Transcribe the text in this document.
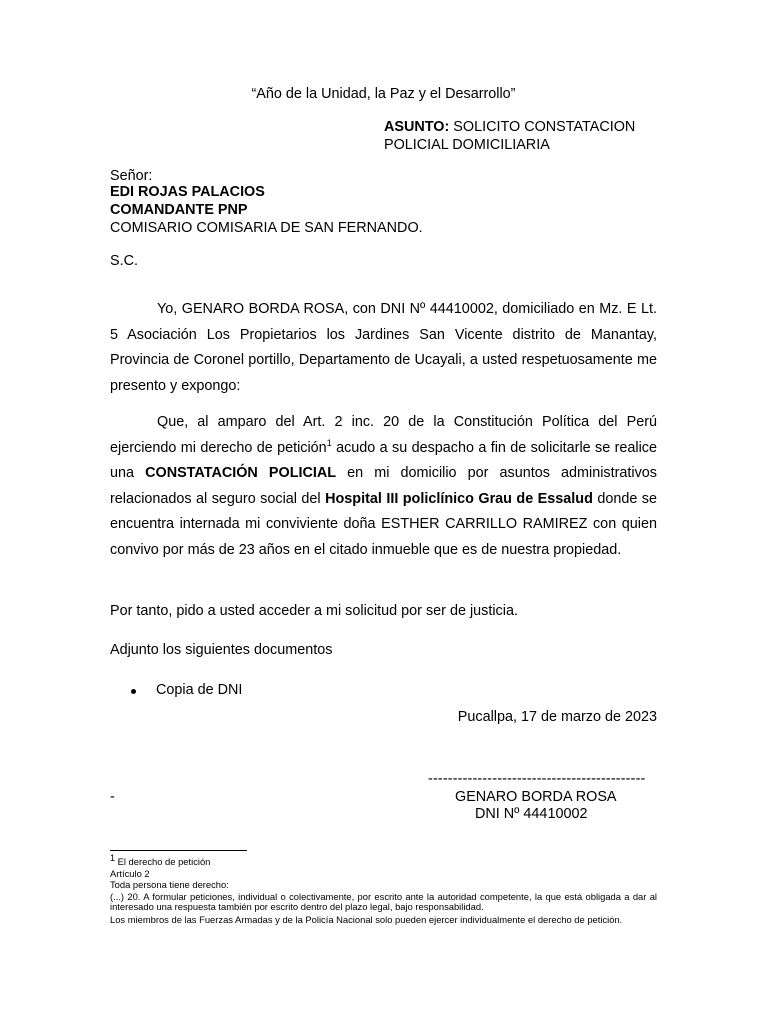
“Año de la Unidad, la Paz y el Desarrollo”
ASUNTO: SOLICITO CONSTATACION
POLICIAL DOMICILIARIA
Señor:
EDI ROJAS PALACIOS
COMANDANTE PNP
COMISARIO COMISARIA DE SAN FERNANDO.
S.C.
Yo, GENARO BORDA ROSA, con DNI Nº 44410002, domiciliado en Mz. E Lt. 5 Asociación Los Propietarios los Jardines San Vicente distrito de Manantay, Provincia de Coronel portillo, Departamento de Ucayali, a usted respetuosamente me presento y expongo:
Que, al amparo del Art. 2 inc. 20 de la Constitución Política del Perú ejerciendo mi derecho de petición$^1$ acudo a su despacho a fin de solicitarle se realice una CONSTATACIÓN POLICIAL en mi domicilio por asuntos administrativos relacionados al seguro social del Hospital III policlínico Grau de Essalud donde se encuentra internada mi conviviente doña ESTHER CARRILLO RAMIREZ con quien convivo por más de 23 años en el citado inmueble que es de nuestra propiedad.
Por tanto, pido a usted acceder a mi solicitud por ser de justicia.
Adjunto los siguientes documentos
Copia de DNI
Pucallpa, 17 de marzo de 2023
--------------------------------------------
-	GENARO BORDA ROSA
DNI Nº 44410002
$^1$ El derecho de petición
Artículo 2
Toda persona tiene derecho:
(...) 20. A formular peticiones, individual o colectivamente, por escrito ante la autoridad competente, la que está obligada a dar al interesado una respuesta también por escrito dentro del plazo legal, bajo responsabilidad.
Los miembros de las Fuerzas Armadas y de la Policía Nacional solo pueden ejercer individualmente el derecho de petición.
